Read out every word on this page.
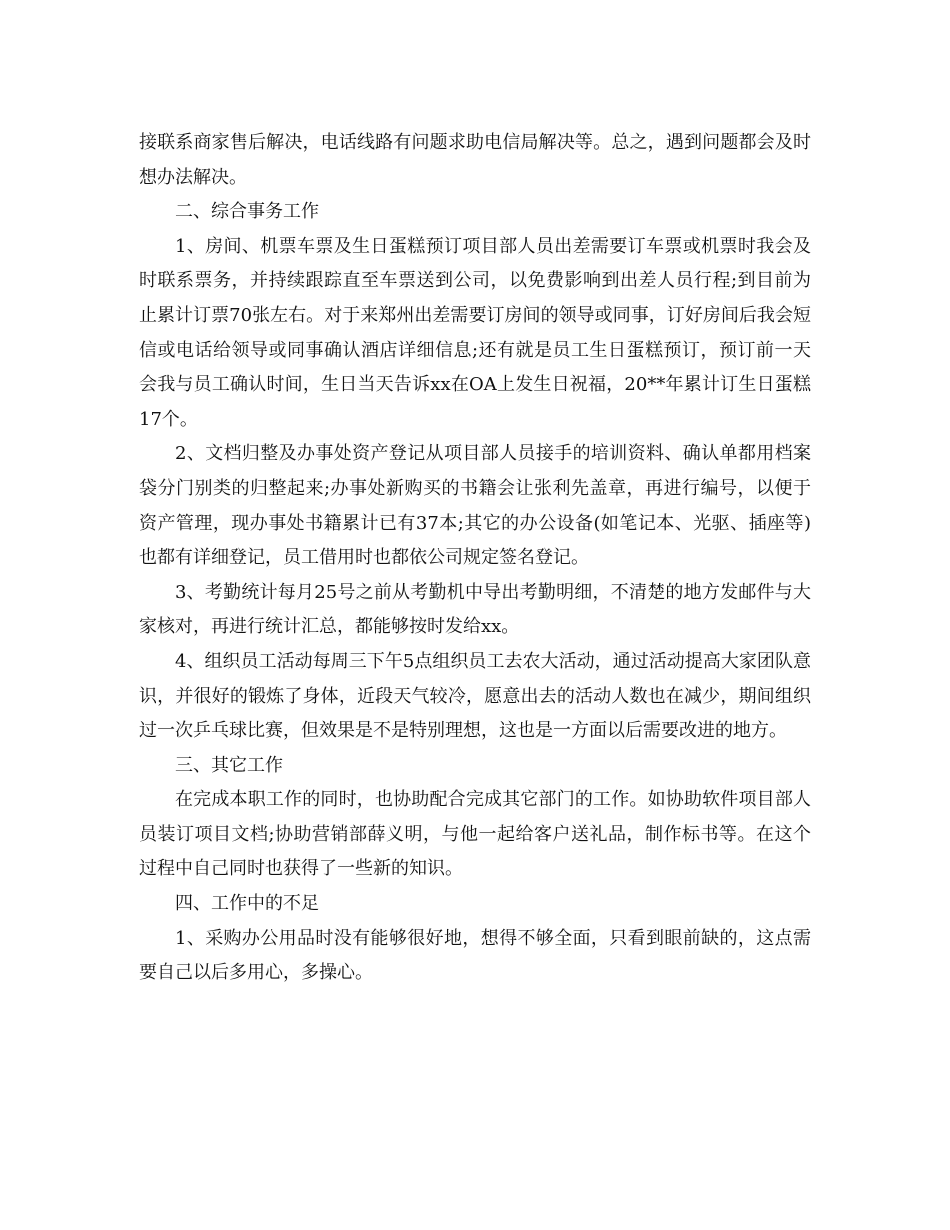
接联系商家售后解决，电话线路有问题求助电信局解决等。总之，遇到问题都会及时想办法解决。

二、综合事务工作

1、房间、机票车票及生日蛋糕预订项目部人员出差需要订车票或机票时我会及时联系票务，并持续跟踪直至车票送到公司，以免费影响到出差人员行程;到目前为止累计订票70张左右。对于来郑州出差需要订房间的领导或同事，订好房间后我会短信或电话给领导或同事确认酒店详细信息;还有就是员工生日蛋糕预订，预订前一天会我与员工确认时间，生日当天告诉xx在OA上发生日祝福，20**年累计订生日蛋糕17个。

2、文档归整及办事处资产登记从项目部人员接手的培训资料、确认单都用档案袋分门别类的归整起来;办事处新购买的书籍会让张利先盖章，再进行编号，以便于资产管理，现办事处书籍累计已有37本;其它的办公设备(如笔记本、光驱、插座等)也都有详细登记，员工借用时也都依公司规定签名登记。

3、考勤统计每月25号之前从考勤机中导出考勤明细，不清楚的地方发邮件与大家核对，再进行统计汇总，都能够按时发给xx。

4、组织员工活动每周三下午5点组织员工去农大活动，通过活动提高大家团队意识，并很好的锻炼了身体，近段天气较冷，愿意出去的活动人数也在减少，期间组织过一次乒乓球比赛，但效果是不是特别理想，这也是一方面以后需要改进的地方。

三、其它工作

在完成本职工作的同时，也协助配合完成其它部门的工作。如协助软件项目部人员装订项目文档;协助营销部薛义明，与他一起给客户送礼品，制作标书等。在这个过程中自己同时也获得了一些新的知识。

四、工作中的不足

1、采购办公用品时没有能够很好地，想得不够全面，只看到眼前缺的，这点需要自己以后多用心，多操心。
